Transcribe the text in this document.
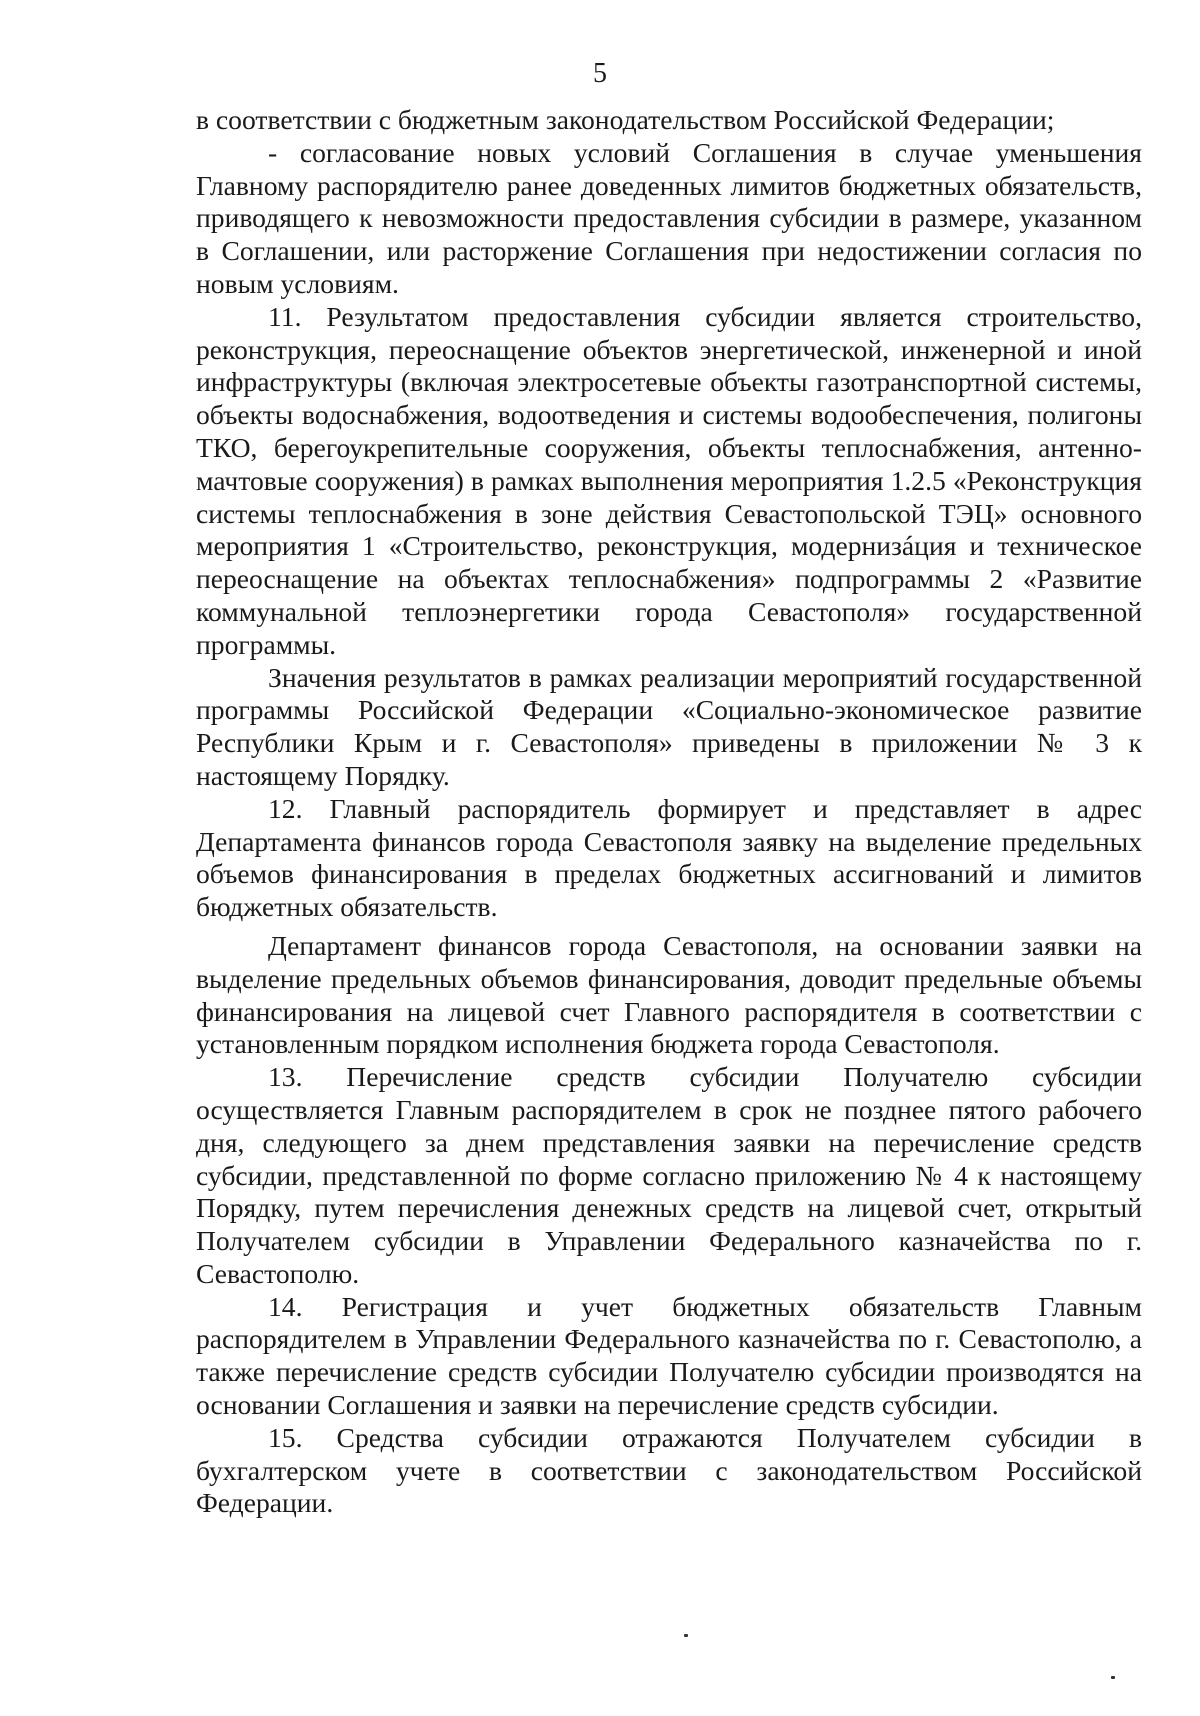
5

в соответствии с бюджетным законодательством Российской Федерации;

- согласование новых условий Соглашения в случае уменьшения Главному распорядителю ранее доведенных лимитов бюджетных обязательств, приводящего к невозможности предоставления субсидии в размере, указанном в Соглашении, или расторжение Соглашения при недостижении согласия по новым условиям.

11. Результатом предоставления субсидии является строительство, реконструкция, переоснащение объектов энергетической, инженерной и иной инфраструктуры (включая электросетевые объекты газотранспортной системы, объекты водоснабжения, водоотведения и системы водообеспечения, полигоны ТКО, берегоукрепительные сооружения, объекты теплоснабжения, антенно-мачтовые сооружения) в рамках выполнения мероприятия 1.2.5 «Реконструкция системы теплоснабжения в зоне действия Севастопольской ТЭЦ» основного мероприятия 1 «Строительство, реконструкция, модернизáция и техническое переоснащение на объектах теплоснабжения» подпрограммы 2 «Развитие коммунальной теплоэнергетики города Севастополя» государственной программы.

Значения результатов в рамках реализации мероприятий государственной программы Российской Федерации «Социально-экономическое развитие Республики Крым и г. Севастополя» приведены в приложении № 3 к настоящему Порядку.

12. Главный распорядитель формирует и представляет в адрес Департамента финансов города Севастополя заявку на выделение предельных объемов финансирования в пределах бюджетных ассигнований и лимитов бюджетных обязательств.

Департамент финансов города Севастополя, на основании заявки на выделение предельных объемов финансирования, доводит предельные объемы финансирования на лицевой счет Главного распорядителя в соответствии с установленным порядком исполнения бюджета города Севастополя.

13. Перечисление средств субсидии Получателю субсидии осуществляется Главным распорядителем в срок не позднее пятого рабочего дня, следующего за днем представления заявки на перечисление средств субсидии, представленной по форме согласно приложению № 4 к настоящему Порядку, путем перечисления денежных средств на лицевой счет, открытый Получателем субсидии в Управлении Федерального казначейства по г. Севастополю.

14. Регистрация и учет бюджетных обязательств Главным распорядителем в Управлении Федерального казначейства по г. Севастополю, а также перечисление средств субсидии Получателю субсидии производятся на основании Соглашения и заявки на перечисление средств субсидии.

15. Средства субсидии отражаются Получателем субсидии в бухгалтерском учете в соответствии с законодательством Российской Федерации.
